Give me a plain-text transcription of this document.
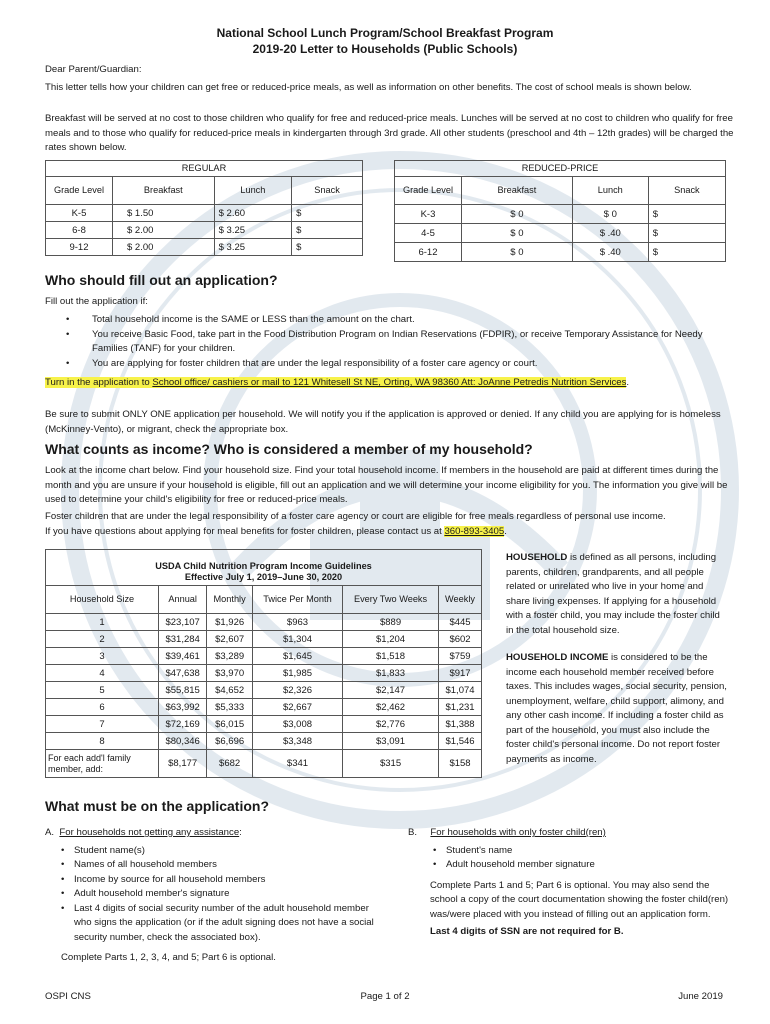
National School Lunch Program/School Breakfast Program
2019-20 Letter to Households (Public Schools)
Dear Parent/Guardian:
This letter tells how your children can get free or reduced-price meals, as well as information on other benefits. The cost of school meals is shown below.
Breakfast will be served at no cost to those children who qualify for free and reduced-price meals. Lunches will be served at no cost to children who qualify for free meals and to those who qualify for reduced-price meals in kindergarten through 3rd grade. All other students (preschool and 4th – 12th grades) will be charged the rates shown below.
REGULAR			
Grade Level	Breakfast	Lunch	Snack
K-5	$ 1.50	$ 2.60	$
6-8	$ 2.00	$ 3.25	$
9-12	$ 2.00	$ 3.25	$
REDUCED-PRICE			
Grade Level	Breakfast	Lunch	Snack
K-3	$ 0	$ 0	$
4-5	$ 0	$ .40	$
6-12	$ 0	$ .40	$
Who should fill out an application?
Fill out the application if:
• Total household income is the SAME or LESS than the amount on the chart.
• You receive Basic Food, take part in the Food Distribution Program on Indian Reservations (FDPIR), or receive Temporary Assistance for Needy Families (TANF) for your children.
• You are applying for foster children that are under the legal responsibility of a foster care agency or court.
Turn in the application to School office/ cashiers or mail to 121 Whitesell St NE, Orting, WA 98360 Att: JoAnne Petredis Nutrition Services.
Be sure to submit ONLY ONE application per household. We will notify you if the application is approved or denied. If any child you are applying for is homeless (McKinney-Vento), or migrant, check the appropriate box.
What counts as income? Who is considered a member of my household?
Look at the income chart below. Find your household size. Find your total household income. If members in the household are paid at different times during the month and you are unsure if your household is eligible, fill out an application and we will determine your income eligibility for you. The information you give will be used to determine your child's eligibility for free or reduced-price meals.
Foster children that are under the legal responsibility of a foster care agency or court are eligible for free meals regardless of personal use income.
If you have questions about applying for meal benefits for foster children, please contact us at 360-893-3405.
USDA Child Nutrition Program Income Guidelines
Effective July 1, 2019–June 30, 2020					

Household Size	Annual	Monthly	Twice Per Month	Every Two Weeks	Weekly
1	$23,107	$1,926	$963	$889	$445
2	$31,284	$2,607	$1,304	$1,204	$602
3	$39,461	$3,289	$1,645	$1,518	$759
4	$47,638	$3,970	$1,985	$1,833	$917
5	$55,815	$4,652	$2,326	$2,147	$1,074
6	$63,992	$5,333	$2,667	$2,462	$1,231
7	$72,169	$6,015	$3,008	$2,776	$1,388
8	$80,346	$6,696	$3,348	$3,091	$1,546
For each add'l family member, add:	$8,177	$682	$341	$315	$158
HOUSEHOLD is defined as all persons, including parents, children, grandparents, and all people related or unrelated who live in your home and share living expenses. If applying for a household with a foster child, you may include the foster child in the total household size.
HOUSEHOLD INCOME is considered to be the income each household member received before taxes. This includes wages, social security, pension, unemployment, welfare, child support, alimony, and any other cash income. If including a foster child as part of the household, you must also include the foster child's personal income. Do not report foster payments as income.
What must be on the application?
A. For households not getting any assistance:
• Student name(s)
• Names of all household members
• Income by source for all household members
• Adult household member's signature
• Last 4 digits of social security number of the adult household member who signs the application (or if the adult signing does not have a social security number, check the associated box).
Complete Parts 1, 2, 3, 4, and 5; Part 6 is optional.
B. For households with only foster child(ren)
• Student's name
• Adult household member signature
Complete Parts 1 and 5; Part 6 is optional. You may also send the school a copy of the court documentation showing the foster child(ren) was/were placed with you instead of filling out an application form.
Last 4 digits of SSN are not required for B.
OSPI CNS	Page 1 of 2	June 2019
